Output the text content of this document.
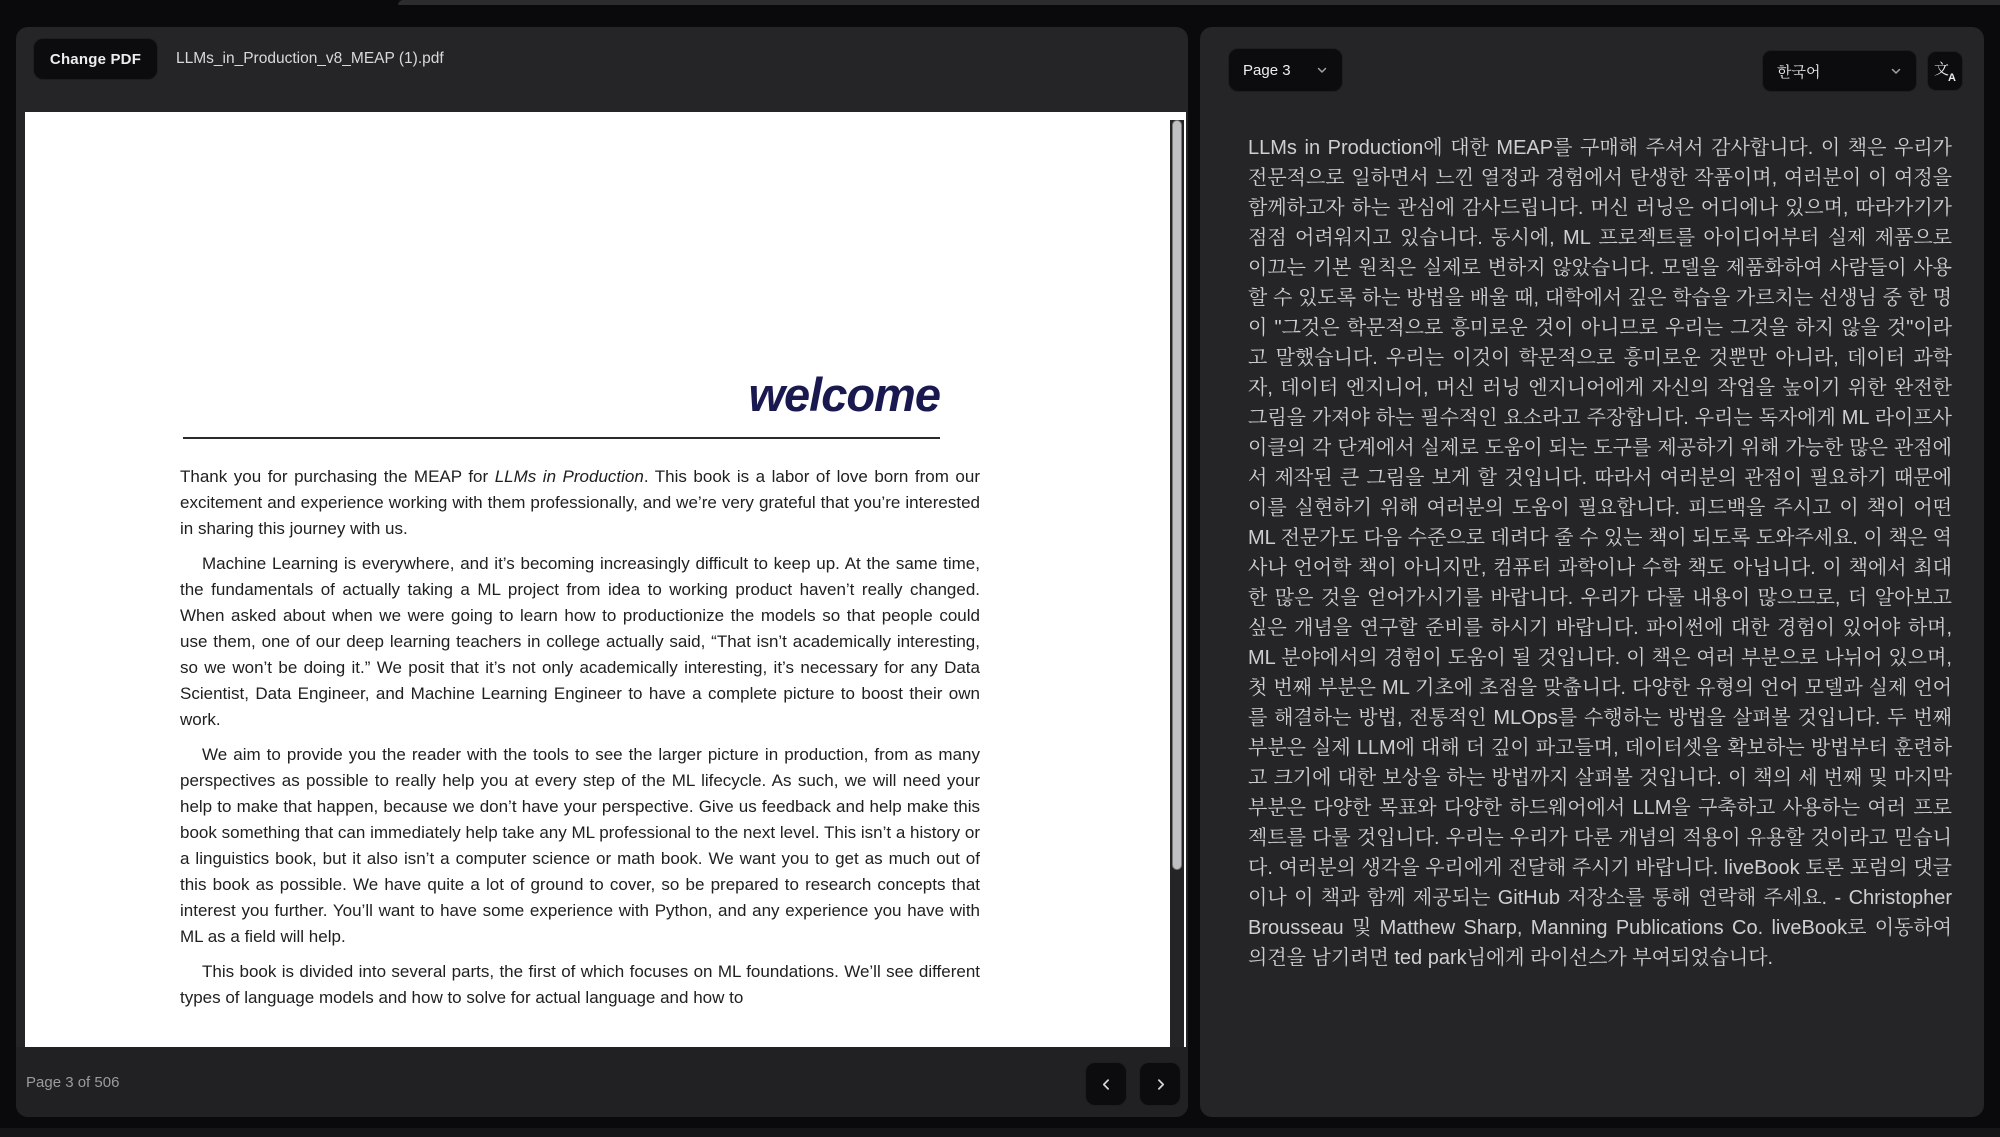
Change PDF	LLMs_in_Production_v8_MEAP (1).pdf
welcome

Thank you for purchasing the MEAP for LLMs in Production. This book is a labor of love born from our excitement and experience working with them professionally, and we’re very grateful that you’re interested in sharing this journey with us.

Machine Learning is everywhere, and it’s becoming increasingly difficult to keep up. At the same time, the fundamentals of actually taking a ML project from idea to working product haven’t really changed. When asked about when we were going to learn how to productionize the models so that people could use them, one of our deep learning teachers in college actually said, “That isn’t academically interesting, so we won’t be doing it.” We posit that it’s not only academically interesting, it’s necessary for any Data Scientist, Data Engineer, and Machine Learning Engineer to have a complete picture to boost their own work.

We aim to provide you the reader with the tools to see the larger picture in production, from as many perspectives as possible to really help you at every step of the ML lifecycle. As such, we will need your help to make that happen, because we don’t have your perspective. Give us feedback and help make this book something that can immediately help take any ML professional to the next level. This isn’t a history or a linguistics book, but it also isn’t a computer science or math book. We want you to get as much out of this book as possible. We have quite a lot of ground to cover, so be prepared to research concepts that interest you further. You’ll want to have some experience with Python, and any experience you have with ML as a field will help.

This book is divided into several parts, the first of which focuses on ML foundations. We’ll see different types of language models and how to solve for actual language and how to

Page 3 of 506
Page 3	한국어	文 A
LLMs in Production에 대한 MEAP를 구매해 주셔서 감사합니다. 이 책은 우리가 전문적으로 일하면서 느낀 열정과 경험에서 탄생한 작품이며, 여러분이 이 여정을 함께하고자 하는 관심에 감사드립니다. 머신 러닝은 어디에나 있으며, 따라가기가 점점 어려워지고 있습니다. 동시에, ML 프로젝트를 아이디어부터 실제 제품으로 이끄는 기본 원칙은 실제로 변하지 않았습니다. 모델을 제품화하여 사람들이 사용할 수 있도록 하는 방법을 배울 때, 대학에서 깊은 학습을 가르치는 선생님 중 한 명이 "그것은 학문적으로 흥미로운 것이 아니므로 우리는 그것을 하지 않을 것"이라고 말했습니다. 우리는 이것이 학문적으로 흥미로운 것뿐만 아니라, 데이터 과학자, 데이터 엔지니어, 머신 러닝 엔지니어에게 자신의 작업을 높이기 위한 완전한 그림을 가져야 하는 필수적인 요소라고 주장합니다. 우리는 독자에게 ML 라이프사이클의 각 단계에서 실제로 도움이 되는 도구를 제공하기 위해 가능한 많은 관점에서 제작된 큰 그림을 보게 할 것입니다. 따라서 여러분의 관점이 필요하기 때문에 이를 실현하기 위해 여러분의 도움이 필요합니다. 피드백을 주시고 이 책이 어떤 ML 전문가도 다음 수준으로 데려다 줄 수 있는 책이 되도록 도와주세요. 이 책은 역사나 언어학 책이 아니지만, 컴퓨터 과학이나 수학 책도 아닙니다. 이 책에서 최대한 많은 것을 얻어가시기를 바랍니다. 우리가 다룰 내용이 많으므로, 더 알아보고 싶은 개념을 연구할 준비를 하시기 바랍니다. 파이썬에 대한 경험이 있어야 하며, ML 분야에서의 경험이 도움이 될 것입니다. 이 책은 여러 부분으로 나뉘어 있으며, 첫 번째 부분은 ML 기초에 초점을 맞춥니다. 다양한 유형의 언어 모델과 실제 언어를 해결하는 방법, 전통적인 MLOps를 수행하는 방법을 살펴볼 것입니다. 두 번째 부분은 실제 LLM에 대해 더 깊이 파고들며, 데이터셋을 확보하는 방법부터 훈련하고 크기에 대한 보상을 하는 방법까지 살펴볼 것입니다. 이 책의 세 번째 및 마지막 부분은 다양한 목표와 다양한 하드웨어에서 LLM을 구축하고 사용하는 여러 프로젝트를 다룰 것입니다. 우리는 우리가 다룬 개념의 적용이 유용할 것이라고 믿습니다. 여러분의 생각을 우리에게 전달해 주시기 바랍니다. liveBook 토론 포럼의 댓글이나 이 책과 함께 제공되는 GitHub 저장소를 통해 연락해 주세요. - Christopher Brousseau 및 Matthew Sharp, Manning Publications Co. liveBook로 이동하여 의견을 남기려면 ted park님에게 라이선스가 부여되었습니다.
